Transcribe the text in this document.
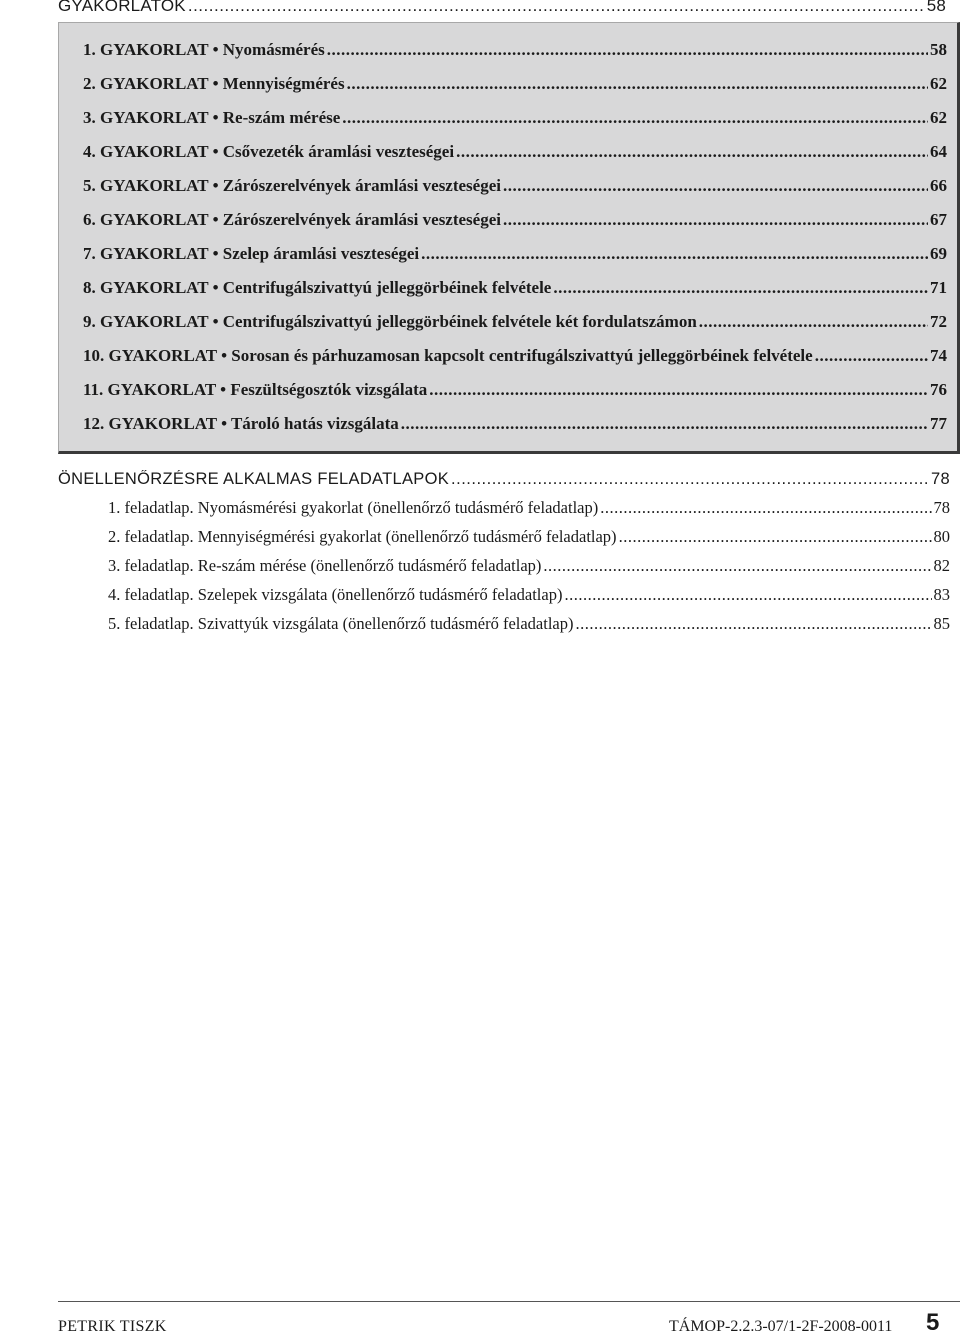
GYAKORLATOK .....	58
1. GYAKORLAT • Nyomásmérés .....	58
2. GYAKORLAT • Mennyiségmérés .....	62
3. GYAKORLAT • Re-szám mérése .....	62
4. GYAKORLAT • Csővezeték áramlási veszteségei .....	64
5. GYAKORLAT • Zárószerelvények áramlási veszteségei .....	66
6. GYAKORLAT • Zárószerelvények áramlási veszteségei .....	67
7. GYAKORLAT • Szelep áramlási veszteségei .....	69
8. GYAKORLAT • Centrifugálszivattyú jelleggörbéinek felvétele .....	71
9. GYAKORLAT • Centrifugálszivattyú jelleggörbéinek felvétele két fordulatszámon .....	72
10. GYAKORLAT • Sorosan és párhuzamosan kapcsolt centrifugálszivattyú jelleggörbéinek felvétele .....	74
11. GYAKORLAT • Feszültségosztók vizsgálata .....	76
12. GYAKORLAT • Tároló hatás vizsgálata .....	77
ÖNELLENŐRZÉSRE ALKALMAS FELADATLAPOK .....	78
1. feladatlap. Nyomásmérési gyakorlat (önellenőrző tudásmérő feladatlap) .....	78
2. feladatlap. Mennyiségmérési gyakorlat (önellenőrző tudásmérő feladatlap) .....	80
3. feladatlap. Re-szám mérése (önellenőrző tudásmérő feladatlap) .....	82
4. feladatlap. Szelepek vizsgálata (önellenőrző tudásmérő feladatlap) .....	83
5. feladatlap. Szivattyúk vizsgálata (önellenőrző tudásmérő feladatlap) .....	85
PETRIK TISZK	TÁMOP-2.2.3-07/1-2F-2008-0011 5
